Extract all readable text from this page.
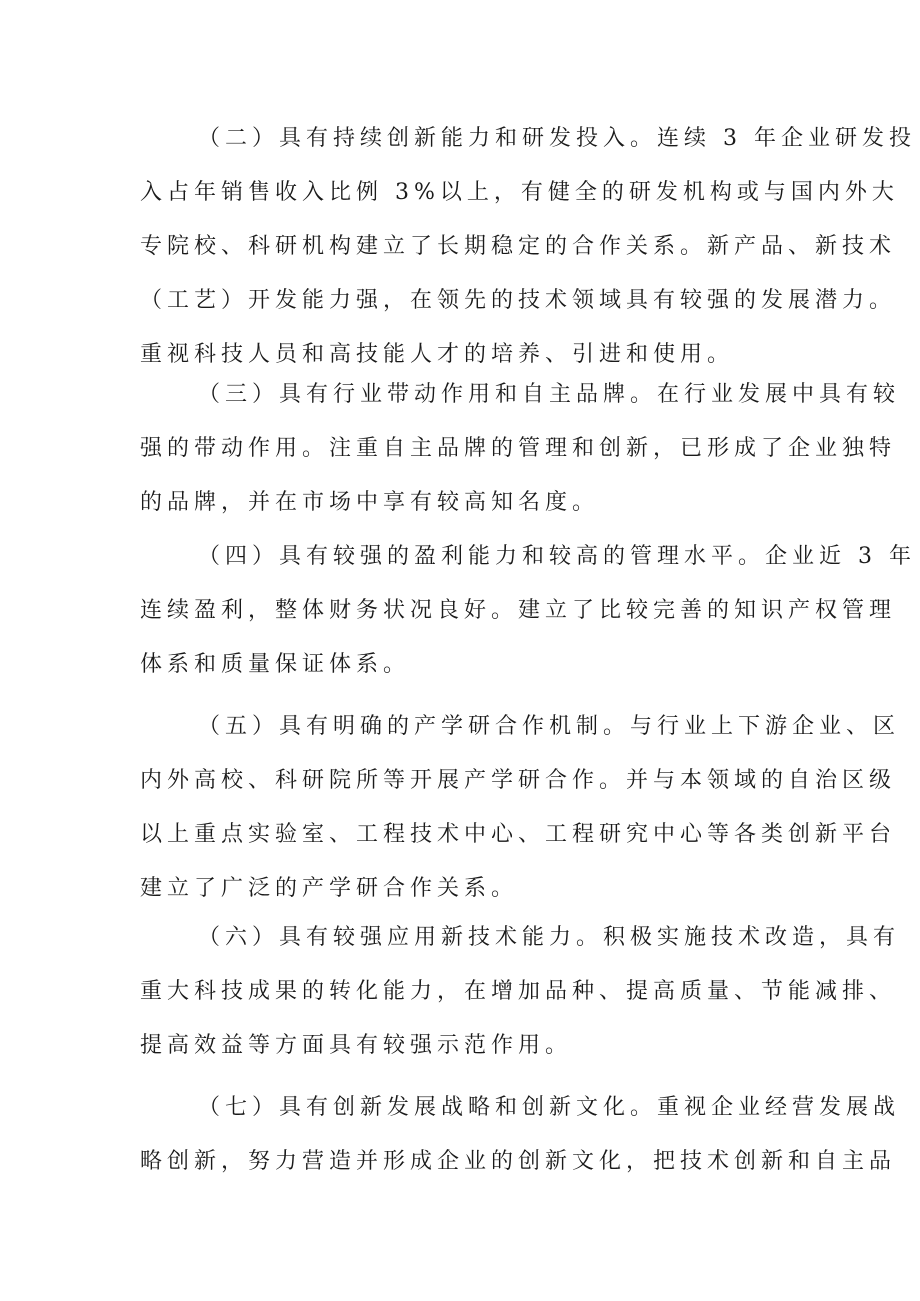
（二）具有持续创新能力和研发投入。连续 3 年企业研发投
入占年销售收入比例 3%以上，有健全的研发机构或与国内外大
专院校、科研机构建立了长期稳定的合作关系。新产品、新技术
（工艺）开发能力强，在领先的技术领域具有较强的发展潜力。
重视科技人员和高技能人才的培养、引进和使用。
（三）具有行业带动作用和自主品牌。在行业发展中具有较
强的带动作用。注重自主品牌的管理和创新，已形成了企业独特
的品牌，并在市场中享有较高知名度。
（四）具有较强的盈利能力和较高的管理水平。企业近 3 年
连续盈利，整体财务状况良好。建立了比较完善的知识产权管理
体系和质量保证体系。
（五）具有明确的产学研合作机制。与行业上下游企业、区
内外高校、科研院所等开展产学研合作。并与本领域的自治区级
以上重点实验室、工程技术中心、工程研究中心等各类创新平台
建立了广泛的产学研合作关系。
（六）具有较强应用新技术能力。积极实施技术改造，具有
重大科技成果的转化能力，在增加品种、提高质量、节能减排、
提高效益等方面具有较强示范作用。
（七）具有创新发展战略和创新文化。重视企业经营发展战
略创新，努力营造并形成企业的创新文化，把技术创新和自主品
